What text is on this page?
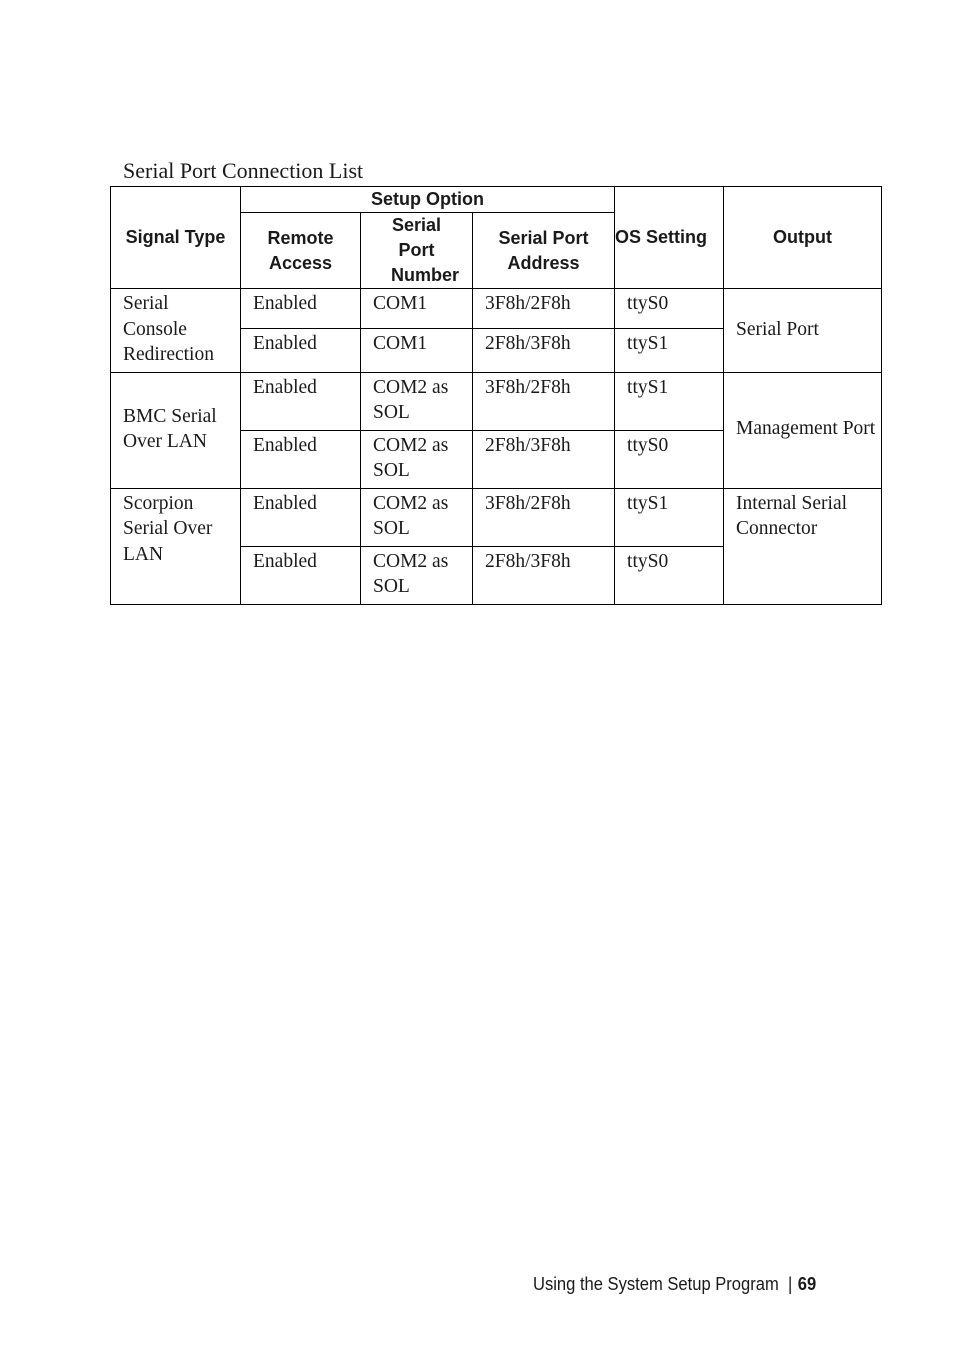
Serial Port Connection List
Signal Type	Setup Option			OS Setting	Output
	Remote Access	Serial Port Number	Serial Port Address		
Serial Console Redirection	Enabled	COM1	3F8h/2F8h	ttyS0	Serial Port
	Enabled	COM1	2F8h/3F8h	ttyS1	
BMC Serial Over LAN	Enabled	COM2 as SOL	3F8h/2F8h	ttyS1	Management Port
	Enabled	COM2 as SOL	2F8h/3F8h	ttyS0	
Scorpion Serial Over LAN	Enabled	COM2 as SOL	3F8h/2F8h	ttyS1	Internal Serial Connector
	Enabled	COM2 as SOL	2F8h/3F8h	ttyS0	
Using the System Setup Program | 69
